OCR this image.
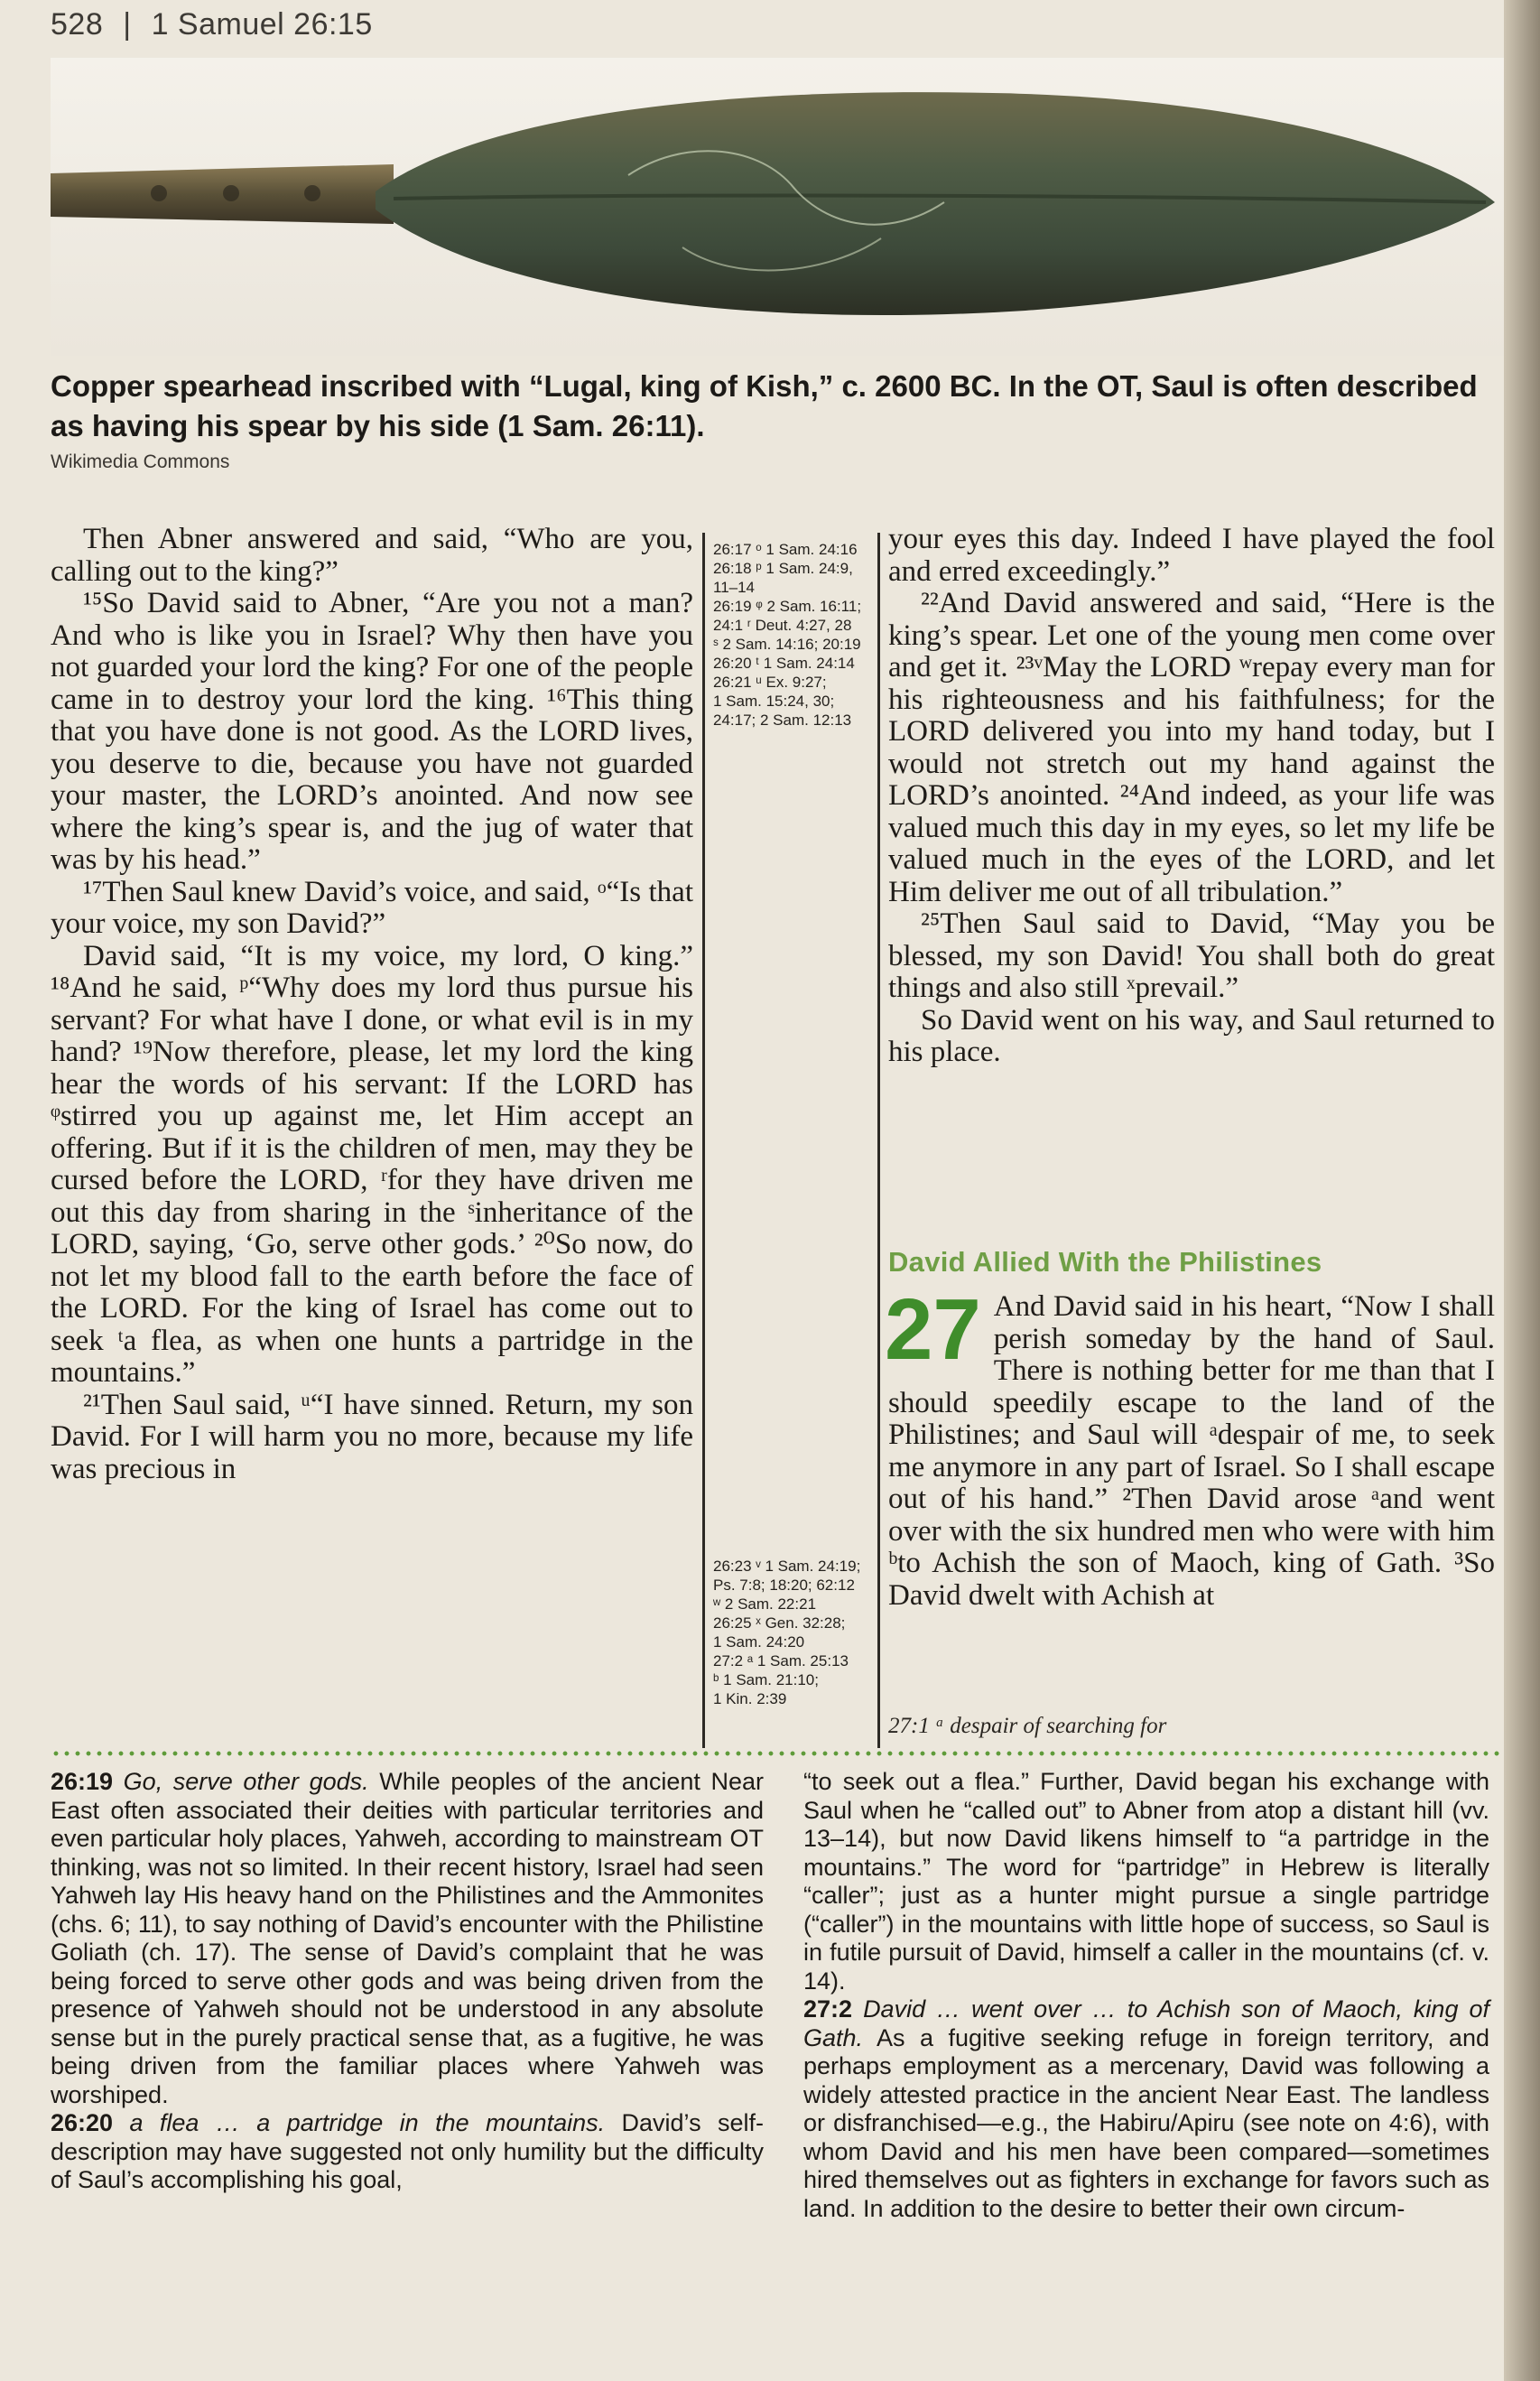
528 | 1 Samuel 26:15
Copper spearhead inscribed with “Lugal, king of Kish,” c. 2600 BC. In the OT, Saul is often described as having his spear by his side (1 Sam. 26:11).
Wikimedia Commons

Then Abner answered and said, “Who are you, calling out to the king?”

¹⁵So David said to Abner, “Are you not a man? And who is like you in Israel? Why then have you not guarded your lord the king? For one of the people came in to destroy your lord the king. ¹⁶This thing that you have done is not good. As the LORD lives, you deserve to die, because you have not guarded your master, the LORD’s anointed. And now see where the king’s spear is, and the jug of water that was by his head.”

¹⁷Then Saul knew David’s voice, and said, ᵒ“Is that your voice, my son David?”

David said, “It is my voice, my lord, O king.” ¹⁸And he said, ᵖ“Why does my lord thus pursue his servant? For what have I done, or what evil is in my hand? ¹⁹Now therefore, please, let my lord the king hear the words of his servant: If the LORD has ᵠstirred you up against me, let Him accept an offering. But if it is the children of men, may they be cursed before the LORD, ʳfor they have driven me out this day from sharing in the ˢinheritance of the LORD, saying, ‘Go, serve other gods.’ ²⁰So now, do not let my blood fall to the earth before the face of the LORD. For the king of Israel has come out to seek ᵗa flea, as when one hunts a partridge in the mountains.”

²¹Then Saul said, ᵘ“I have sinned. Return, my son David. For I will harm you no more, because my life was precious in

26:17 ᵒ 1 Sam. 24:16
26:18 ᵖ 1 Sam. 24:9,
11–14
26:19 ᵠ 2 Sam. 16:11;
24:1 ʳ Deut. 4:27, 28
ˢ 2 Sam. 14:16; 20:19
26:20 ᵗ 1 Sam. 24:14
26:21 ᵘ Ex. 9:27;
1 Sam. 15:24, 30;
24:17; 2 Sam. 12:13
26:23 ᵛ 1 Sam. 24:19;
Ps. 7:8; 18:20; 62:12
ʷ 2 Sam. 22:21
26:25 ˣ Gen. 32:28;
1 Sam. 24:20
27:2 ᵃ 1 Sam. 25:13
ᵇ 1 Sam. 21:10;
1 Kin. 2:39

your eyes this day. Indeed I have played the fool and erred exceedingly.”

²²And David answered and said, “Here is the king’s spear. Let one of the young men come over and get it. ²³ᵛMay the LORD ʷrepay every man for his righteousness and his faithfulness; for the LORD delivered you into my hand today, but I would not stretch out my hand against the LORD’s anointed. ²⁴And indeed, as your life was valued much this day in my eyes, so let my life be valued much in the eyes of the LORD, and let Him deliver me out of all tribulation.”

²⁵Then Saul said to David, “May you be blessed, my son David! You shall both do great things and also still ˣprevail.”

So David went on his way, and Saul returned to his place.

David Allied With the Philistines

27 And David said in his heart, “Now I shall perish someday by the hand of Saul. There is nothing better for me than that I should speedily escape to the land of the Philistines; and Saul will ᵃdespair of me, to seek me anymore in any part of Israel. So I shall escape out of his hand.” ²Then David arose ᵃand went over with the six hundred men who were with him ᵇto Achish the son of Maoch, king of Gath. ³So David dwelt with Achish at

27:1 ᵃ despair of searching for

26:19 Go, serve other gods. While peoples of the ancient Near East often associated their deities with particular territories and even particular holy places, Yahweh, according to mainstream OT thinking, was not so limited. In their recent history, Israel had seen Yahweh lay His heavy hand on the Philistines and the Ammonites (chs. 6; 11), to say nothing of David’s encounter with the Philistine Goliath (ch. 17). The sense of David’s complaint that he was being forced to serve other gods and was being driven from the presence of Yahweh should not be understood in any absolute sense but in the purely practical sense that, as a fugitive, he was being driven from the familiar places where Yahweh was worshiped.

26:20 a flea … a partridge in the mountains. David’s self-description may have suggested not only humility but the difficulty of Saul’s accomplishing his goal,

“to seek out a flea.” Further, David began his exchange with Saul when he “called out” to Abner from atop a distant hill (vv. 13–14), but now David likens himself to “a partridge in the mountains.” The word for “partridge” in Hebrew is literally “caller”; just as a hunter might pursue a single partridge (“caller”) in the mountains with little hope of success, so Saul is in futile pursuit of David, himself a caller in the mountains (cf. v. 14).

27:2 David … went over … to Achish son of Maoch, king of Gath. As a fugitive seeking refuge in foreign territory, and perhaps employment as a mercenary, David was following a widely attested practice in the ancient Near East. The landless or disfranchised—e.g., the Habiru/Apiru (see note on 4:6), with whom David and his men have been compared—sometimes hired themselves out as fighters in exchange for favors such as land. In addition to the desire to better their own circum-
